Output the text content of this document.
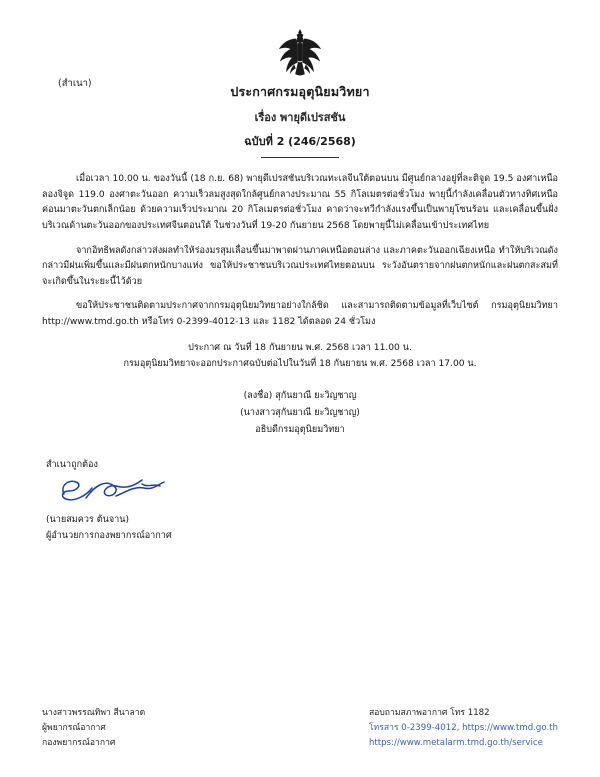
(สำเนา)
ประกาศกรมอุตุนิยมวิทยา
เรื่อง พายุดีเปรสชัน
ฉบับที่ 2 (246/2568)

เมื่อเวลา 10.00 น. ของวันนี้ (18 ก.ย. 68) พายุดีเปรสชันบริเวณทะเลจีนใต้ตอนบน มีศูนย์กลางอยู่ที่ละติจูด 19.5 องศาเหนือ ลองจิจูด 119.0 องศาตะวันออก ความเร็วลมสูงสุดใกล้ศูนย์กลางประมาณ 55 กิโลเมตรต่อชั่วโมง พายุนี้กำลังเคลื่อนตัวทางทิศเหนือค่อนมาตะวันตกเล็กน้อย ด้วยความเร็วประมาณ 20 กิโลเมตรต่อชั่วโมง คาดว่าจะทวีกำลังแรงขึ้นเป็นพายุโซนร้อน และเคลื่อนขึ้นฝั่งบริเวณด้านตะวันออกของประเทศจีนตอนใต้ ในช่วงวันที่ 19-20 กันยายน 2568 โดยพายุนี้ไม่เคลื่อนเข้าประเทศไทย

จากอิทธิพลดังกล่าวส่งผลทำให้ร่องมรสุมเลื่อนขึ้นมาพาดผ่านภาคเหนือตอนล่าง และภาคตะวันออกเฉียงเหนือ ทำให้บริเวณดังกล่าวมีฝนเพิ่มขึ้นและมีฝนตกหนักบางแห่ง ขอให้ประชาชนบริเวณประเทศไทยตอนบน ระวังอันตรายจากฝนตกหนักและฝนตกสะสมที่จะเกิดขึ้นในระยะนี้ไว้ด้วย

ขอให้ประชาชนติดตามประกาศจากกรมอุตุนิยมวิทยาอย่างใกล้ชิด และสามารถติดตามข้อมูลที่เว็บไซต์ กรมอุตุนิยมวิทยา http://www.tmd.go.th หรือโทร 0-2399-4012-13 และ 1182 ได้ตลอด 24 ชั่วโมง

ประกาศ ณ วันที่ 18 กันยายน พ.ศ. 2568 เวลา 11.00 น.
กรมอุตุนิยมวิทยาจะออกประกาศฉบับต่อไปในวันที่ 18 กันยายน พ.ศ. 2568 เวลา 17.00 น.
(ลงชื่อ) สุกันยาณี ยะวิญชาญ
(นางสาวสุกันยาณี ยะวิญชาญ)
อธิบดีกรมอุตุนิยมวิทยา
สำเนาถูกต้อง
(นายสมควร ต้นจาน)
ผู้อำนวยการกองพยากรณ์อากาศ
นางสาวพรรณทิพา สีนาลาด
ผู้พยากรณ์อากาศ
กองพยากรณ์อากาศ
สอบถามสภาพอากาศ โทร 1182
โทรสาร 0-2399-4012, https://www.tmd.go.th
https://www.metalarm.tmd.go.th/service
